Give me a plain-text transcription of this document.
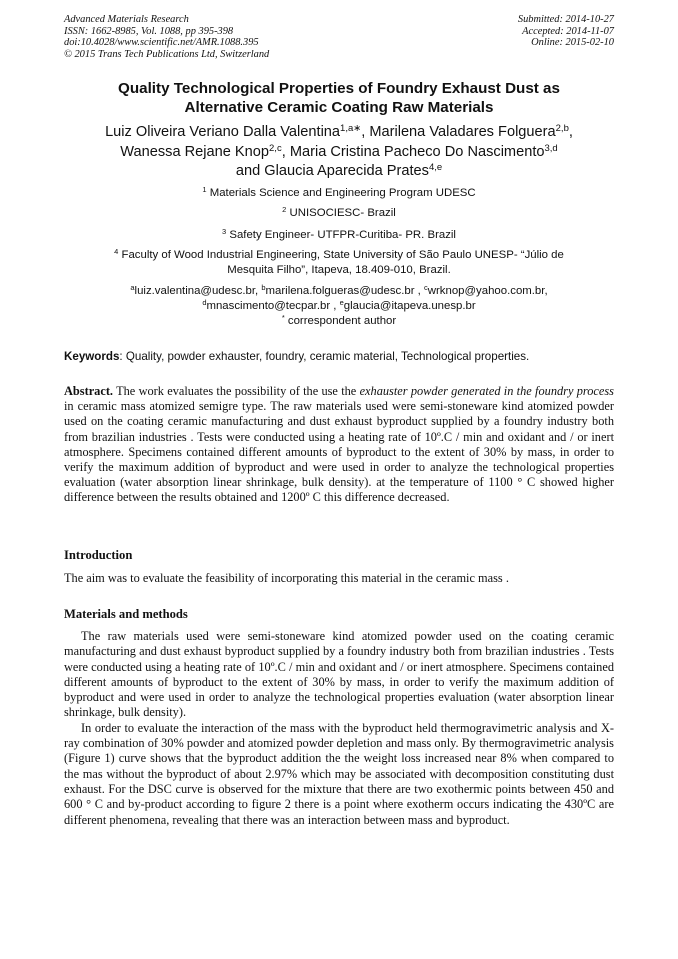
Advanced Materials Research
ISSN: 1662-8985, Vol. 1088, pp 395-398
doi:10.4028/www.scientific.net/AMR.1088.395
© 2015 Trans Tech Publications Ltd, Switzerland
Submitted: 2014-10-27
Accepted: 2014-11-07
Online: 2015-02-10
Quality Technological Properties of Foundry Exhaust Dust as
Alternative Ceramic Coating Raw Materials
Luiz Oliveira Veriano Dalla Valentina$^{1,a∗}$, Marilena Valadares Folguera$^{2,b}$,
Wanessa Rejane Knop$^{2,c}$, Maria Cristina Pacheco Do Nascimento$^{3,d}$
and Glaucia Aparecida Prates$^{4,e}$
$^1$ Materials Science and Engineering Program UDESC
$^2$ UNISOCIESC- Brazil
$^3$ Safety Engineer- UTFPR-Curitiba- PR. Brazil
$^4$ Faculty of Wood Industrial Engineering, State University of São Paulo UNESP- “Júlio de
Mesquita Filho”, Itapeva, 18.409-010, Brazil.
$^a$luiz.valentina@udesc.br, $^b$marilena.folgueras@udesc.br , $^c$wrknop@yahoo.com.br,
$^d$mnascimento@tecpar.br , $^e$glaucia@itapeva.unesp.br
* correspondent author
Keywords: Quality, powder exhauster, foundry, ceramic material, Technological properties.
Abstract. The work evaluates the possibility of the use the exhauster powder generated in the foundry process in ceramic mass atomized semigre type. The raw materials used were semi-stoneware kind atomized powder used on the coating ceramic manufacturing and dust exhaust byproduct supplied by a foundry industry both from brazilian industries . Tests were conducted using a heating rate of 10º.C / min and oxidant and / or inert atmosphere. Specimens contained different amounts of byproduct to the extent of 30% by mass, in order to verify the maximum addition of byproduct and were used in order to analyze the technological properties evaluation (water absorption linear shrinkage, bulk density). at the temperature of 1100 ° C showed higher difference between the results obtained and 1200º C this difference decreased.
Introduction
The aim was to evaluate the feasibility of incorporating this material in the ceramic mass .
Materials and methods

The raw materials used were semi-stoneware kind atomized powder used on the coating ceramic manufacturing and dust exhaust byproduct supplied by a foundry industry both from brazilian industries . Tests were conducted using a heating rate of 10º.C / min and oxidant and / or inert atmosphere. Specimens contained different amounts of byproduct to the extent of 30% by mass, in order to verify the maximum addition of byproduct and were used in order to analyze the technological properties evaluation (water absorption linear shrinkage, bulk density).

In order to evaluate the interaction of the mass with the byproduct held thermogravimetric analysis and X-ray combination of 30% powder and atomized powder depletion and mass only. By thermogravimetric analysis (Figure 1) curve shows that the byproduct addition the the weight loss increased near 8% when compared to the mas without the byproduct of about 2.97% which may be associated with decomposition constituting dust exhaust. For the DSC curve is observed for the mixture that there are two exothermic points between 450 and 600 ° C and by-product according to figure 2 there is a point where exotherm occurs indicating the 430ºC are different phenomena, revealing that there was an interaction between mass and byproduct.
